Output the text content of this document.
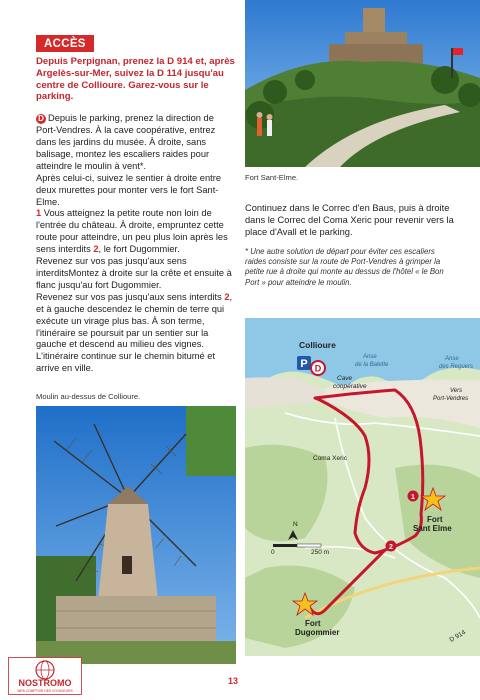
ACCÈS
Depuis Perpignan, prenez la D 914 et, après Argelès-sur-Mer, suivez la D 114 jusqu'au centre de Collioure. Garez-vous sur le parking.

D Depuis le parking, prenez la direction de Port-Vendres. À la cave coopérative, entrez dans les jardins du musée. À droite, sans balisage, montez les escaliers raides pour atteindre le moulin à vent*.

Après celui-ci, suivez le sentier à droite entre deux murettes pour monter vers le fort Sant-Elme.

1 Vous atteignez la petite route non loin de l'entrée du château. À droite, empruntez cette route pour atteindre, un peu plus loin après les sens interdits 2, le fort Dugommier.

Revenez sur vos pas jusqu'aux sens interditsMontez à droite sur la crête et ensuite à flanc jusqu'au fort Dugommier.

Revenez sur vos pas jusqu'aux sens interdits 2, et à gauche descendez le chemin de terre qui exécute un virage plus bas. À son terme, l'itinéraire se poursuit par un sentier sur la gauche et descend au milieu des vignes. L'itinéraire continue sur le chemin bitumé et arrive en ville.

Moulin au-dessus de Collioure.
Fort Sant-Elme.
Continuez dans le Correc d'en Baus, puis à droite dans le Correc del Coma Xeric pour revenir vers la place d'Avall et le parking.
* Une autre solution de départ pour éviter ces escaliers raides consiste sur la route de Port-Vendres à grimper la petite rue à droite qui monte au dessus de l'hôtel « le Bon Port » pour atteindre le moulin.
P D
1
2
Collioure
Anse
de la Balette
Anse
des Reguers
Cave
coopérative
Vers
Port-Vendres
Coma Xeric
Fort
Sant Elme
Fort
Dugommier	D 914
N
0	250 m
NOSTROMO
WEB COMPTOIR DES VOYAGEURS
13
